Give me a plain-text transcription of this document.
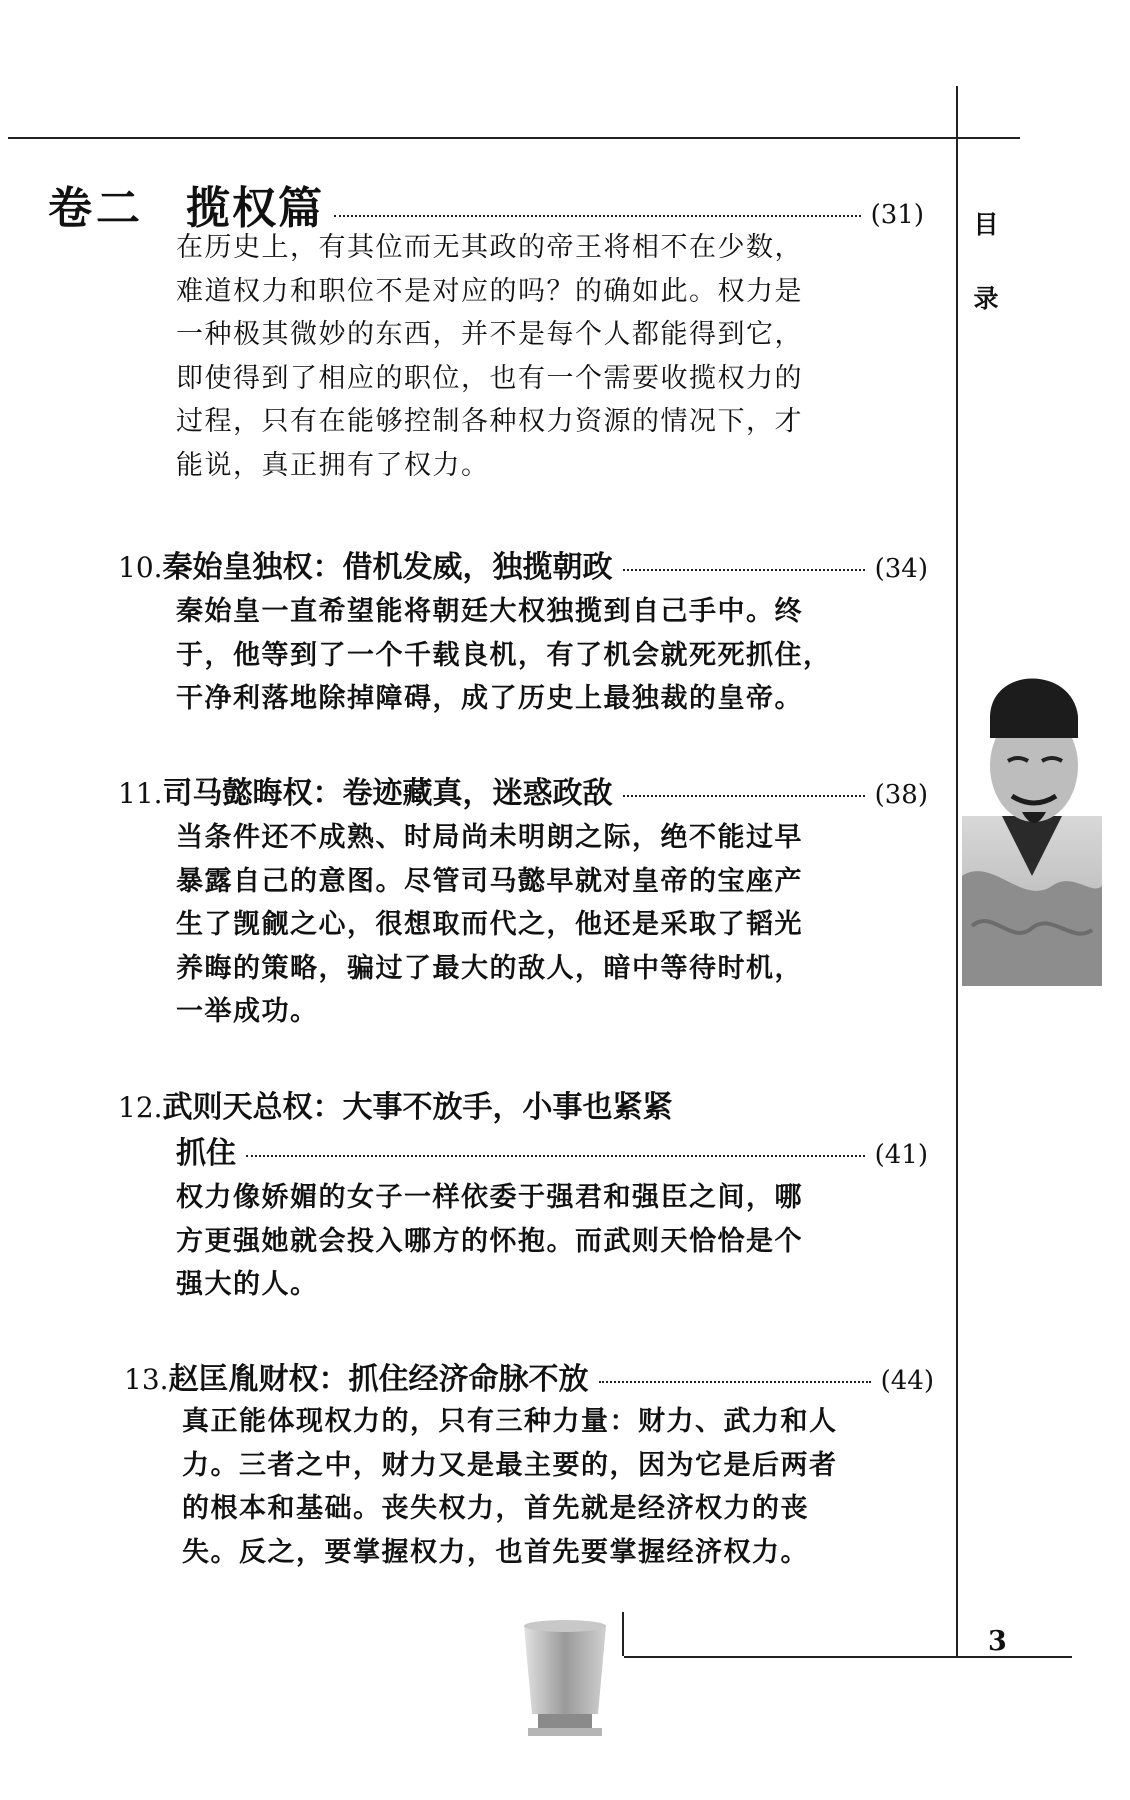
目
录
卷二 揽权篇	(31)
在历史上，有其位而无其政的帝王将相不在少数，
难道权力和职位不是对应的吗？的确如此。权力是
一种极其微妙的东西，并不是每个人都能得到它，
即使得到了相应的职位，也有一个需要收揽权力的
过程，只有在能够控制各种权力资源的情况下，才
能说，真正拥有了权力。
10. 秦始皇独权：借机发威，独揽朝政	(34)
秦始皇一直希望能将朝廷大权独揽到自己手中。终
于，他等到了一个千载良机，有了机会就死死抓住，
干净利落地除掉障碍，成了历史上最独裁的皇帝。
11. 司马懿晦权：卷迹藏真，迷惑政敌	(38)
当条件还不成熟、时局尚未明朗之际，绝不能过早
暴露自己的意图。尽管司马懿早就对皇帝的宝座产
生了觊觎之心，很想取而代之，他还是采取了韬光
养晦的策略，骗过了最大的敌人，暗中等待时机，
一举成功。
12. 武则天总权：大事不放手，小事也紧紧
抓住	(41)
权力像娇媚的女子一样依委于强君和强臣之间，哪
方更强她就会投入哪方的怀抱。而武则天恰恰是个
强大的人。
13. 赵匡胤财权：抓住经济命脉不放	(44)
真正能体现权力的，只有三种力量：财力、武力和人
力。三者之中，财力又是最主要的，因为它是后两者
的根本和基础。丧失权力，首先就是经济权力的丧
失。反之，要掌握权力，也首先要掌握经济权力。
3
